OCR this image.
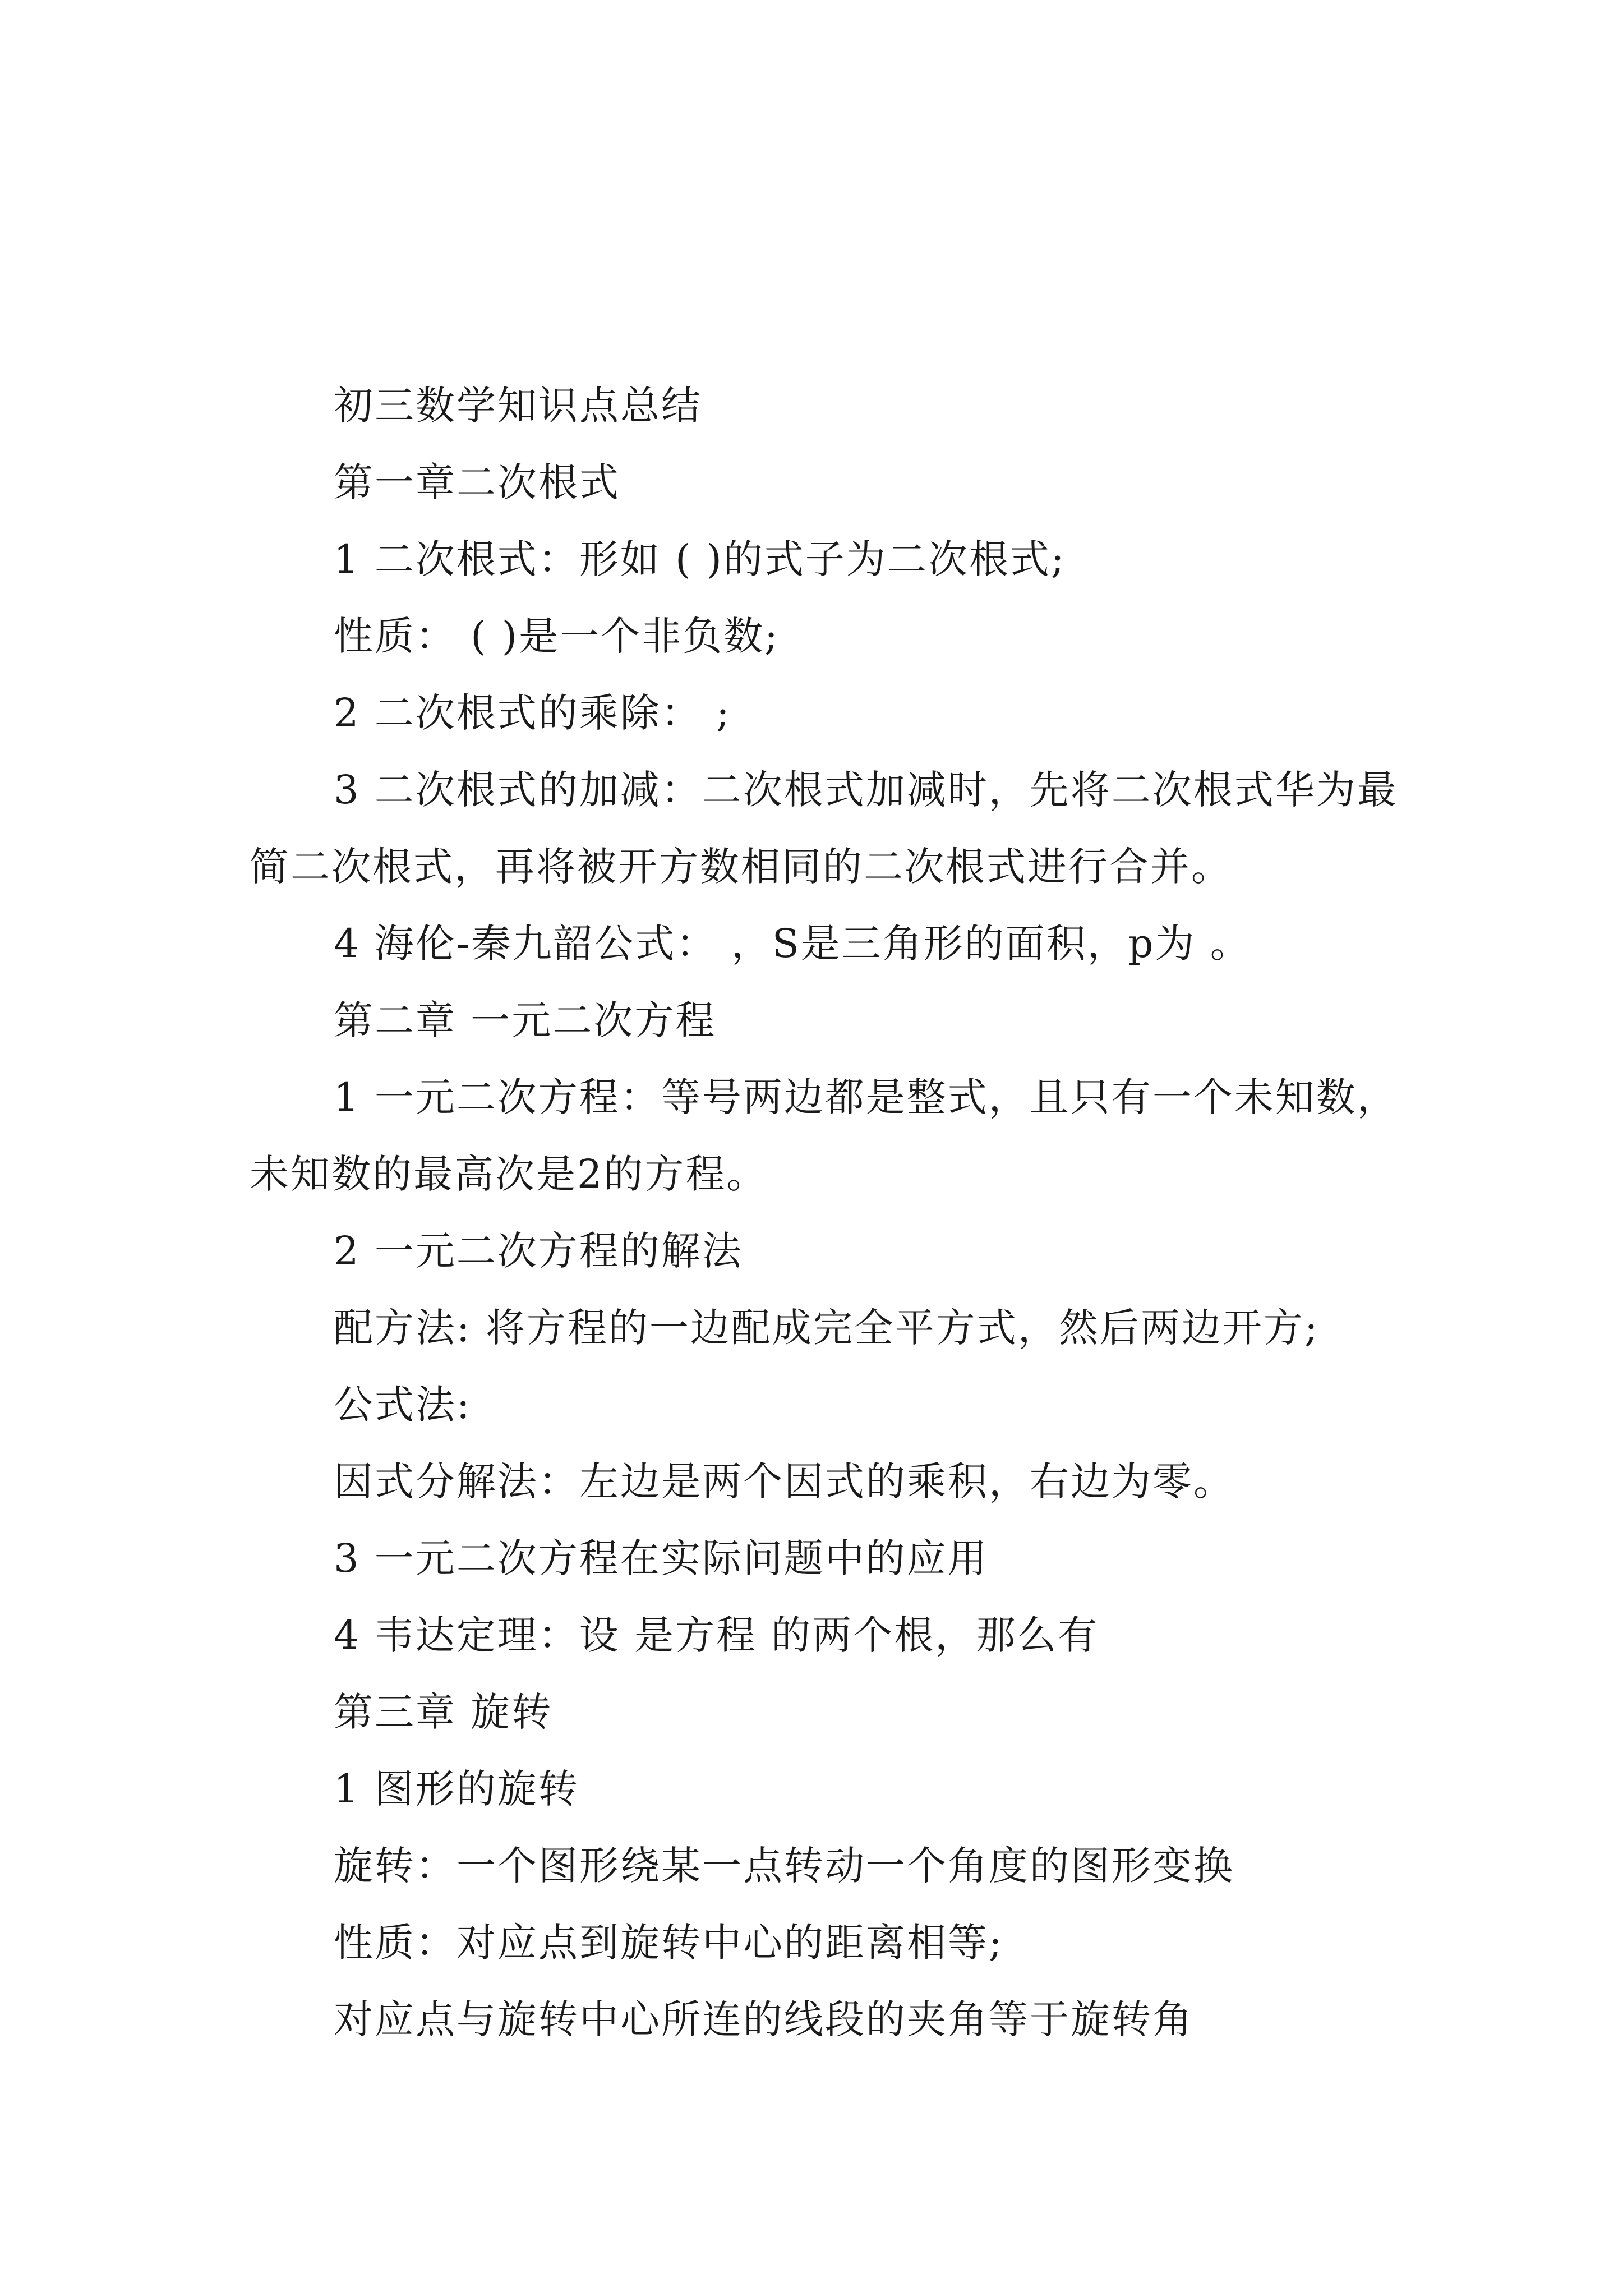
初三数学知识点总结
第一章二次根式
1 二次根式：形如 ( )的式子为二次根式;
性质： ( )是一个非负数;
2 二次根式的乘除： ;
3 二次根式的加减：二次根式加减时，先将二次根式华为最简二次根式，再将被开方数相同的二次根式进行合并。
4 海伦-秦九韶公式： ，S是三角形的面积，p为 。
第二章 一元二次方程
1 一元二次方程：等号两边都是整式，且只有一个未知数，未知数的最高次是2的方程。
2 一元二次方程的解法
配方法: 将方程的一边配成完全平方式，然后两边开方;
公式法:
因式分解法：左边是两个因式的乘积，右边为零。
3 一元二次方程在实际问题中的应用
4 韦达定理：设 是方程 的两个根，那么有
第三章 旋转
1 图形的旋转
旋转：一个图形绕某一点转动一个角度的图形变换
性质：对应点到旋转中心的距离相等;
对应点与旋转中心所连的线段的夹角等于旋转角
